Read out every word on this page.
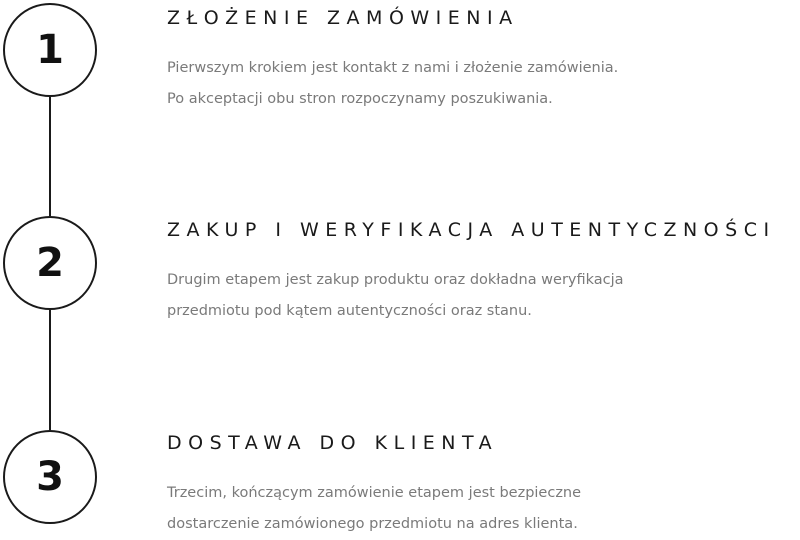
1
ZŁOŻENIE ZAMÓWIENIA
Pierwszym krokiem jest kontakt z nami i złożenie zamówienia.
Po akceptacji obu stron rozpoczynamy poszukiwania.
2
ZAKUP I WERYFIKACJA AUTENTYCZNOŚCI
Drugim etapem jest zakup produktu oraz dokładna weryfikacja
przedmiotu pod kątem autentyczności oraz stanu.
3
DOSTAWA DO KLIENTA
Trzecim, kończącym zamówienie etapem jest bezpieczne
dostarczenie zamówionego przedmiotu na adres klienta.
